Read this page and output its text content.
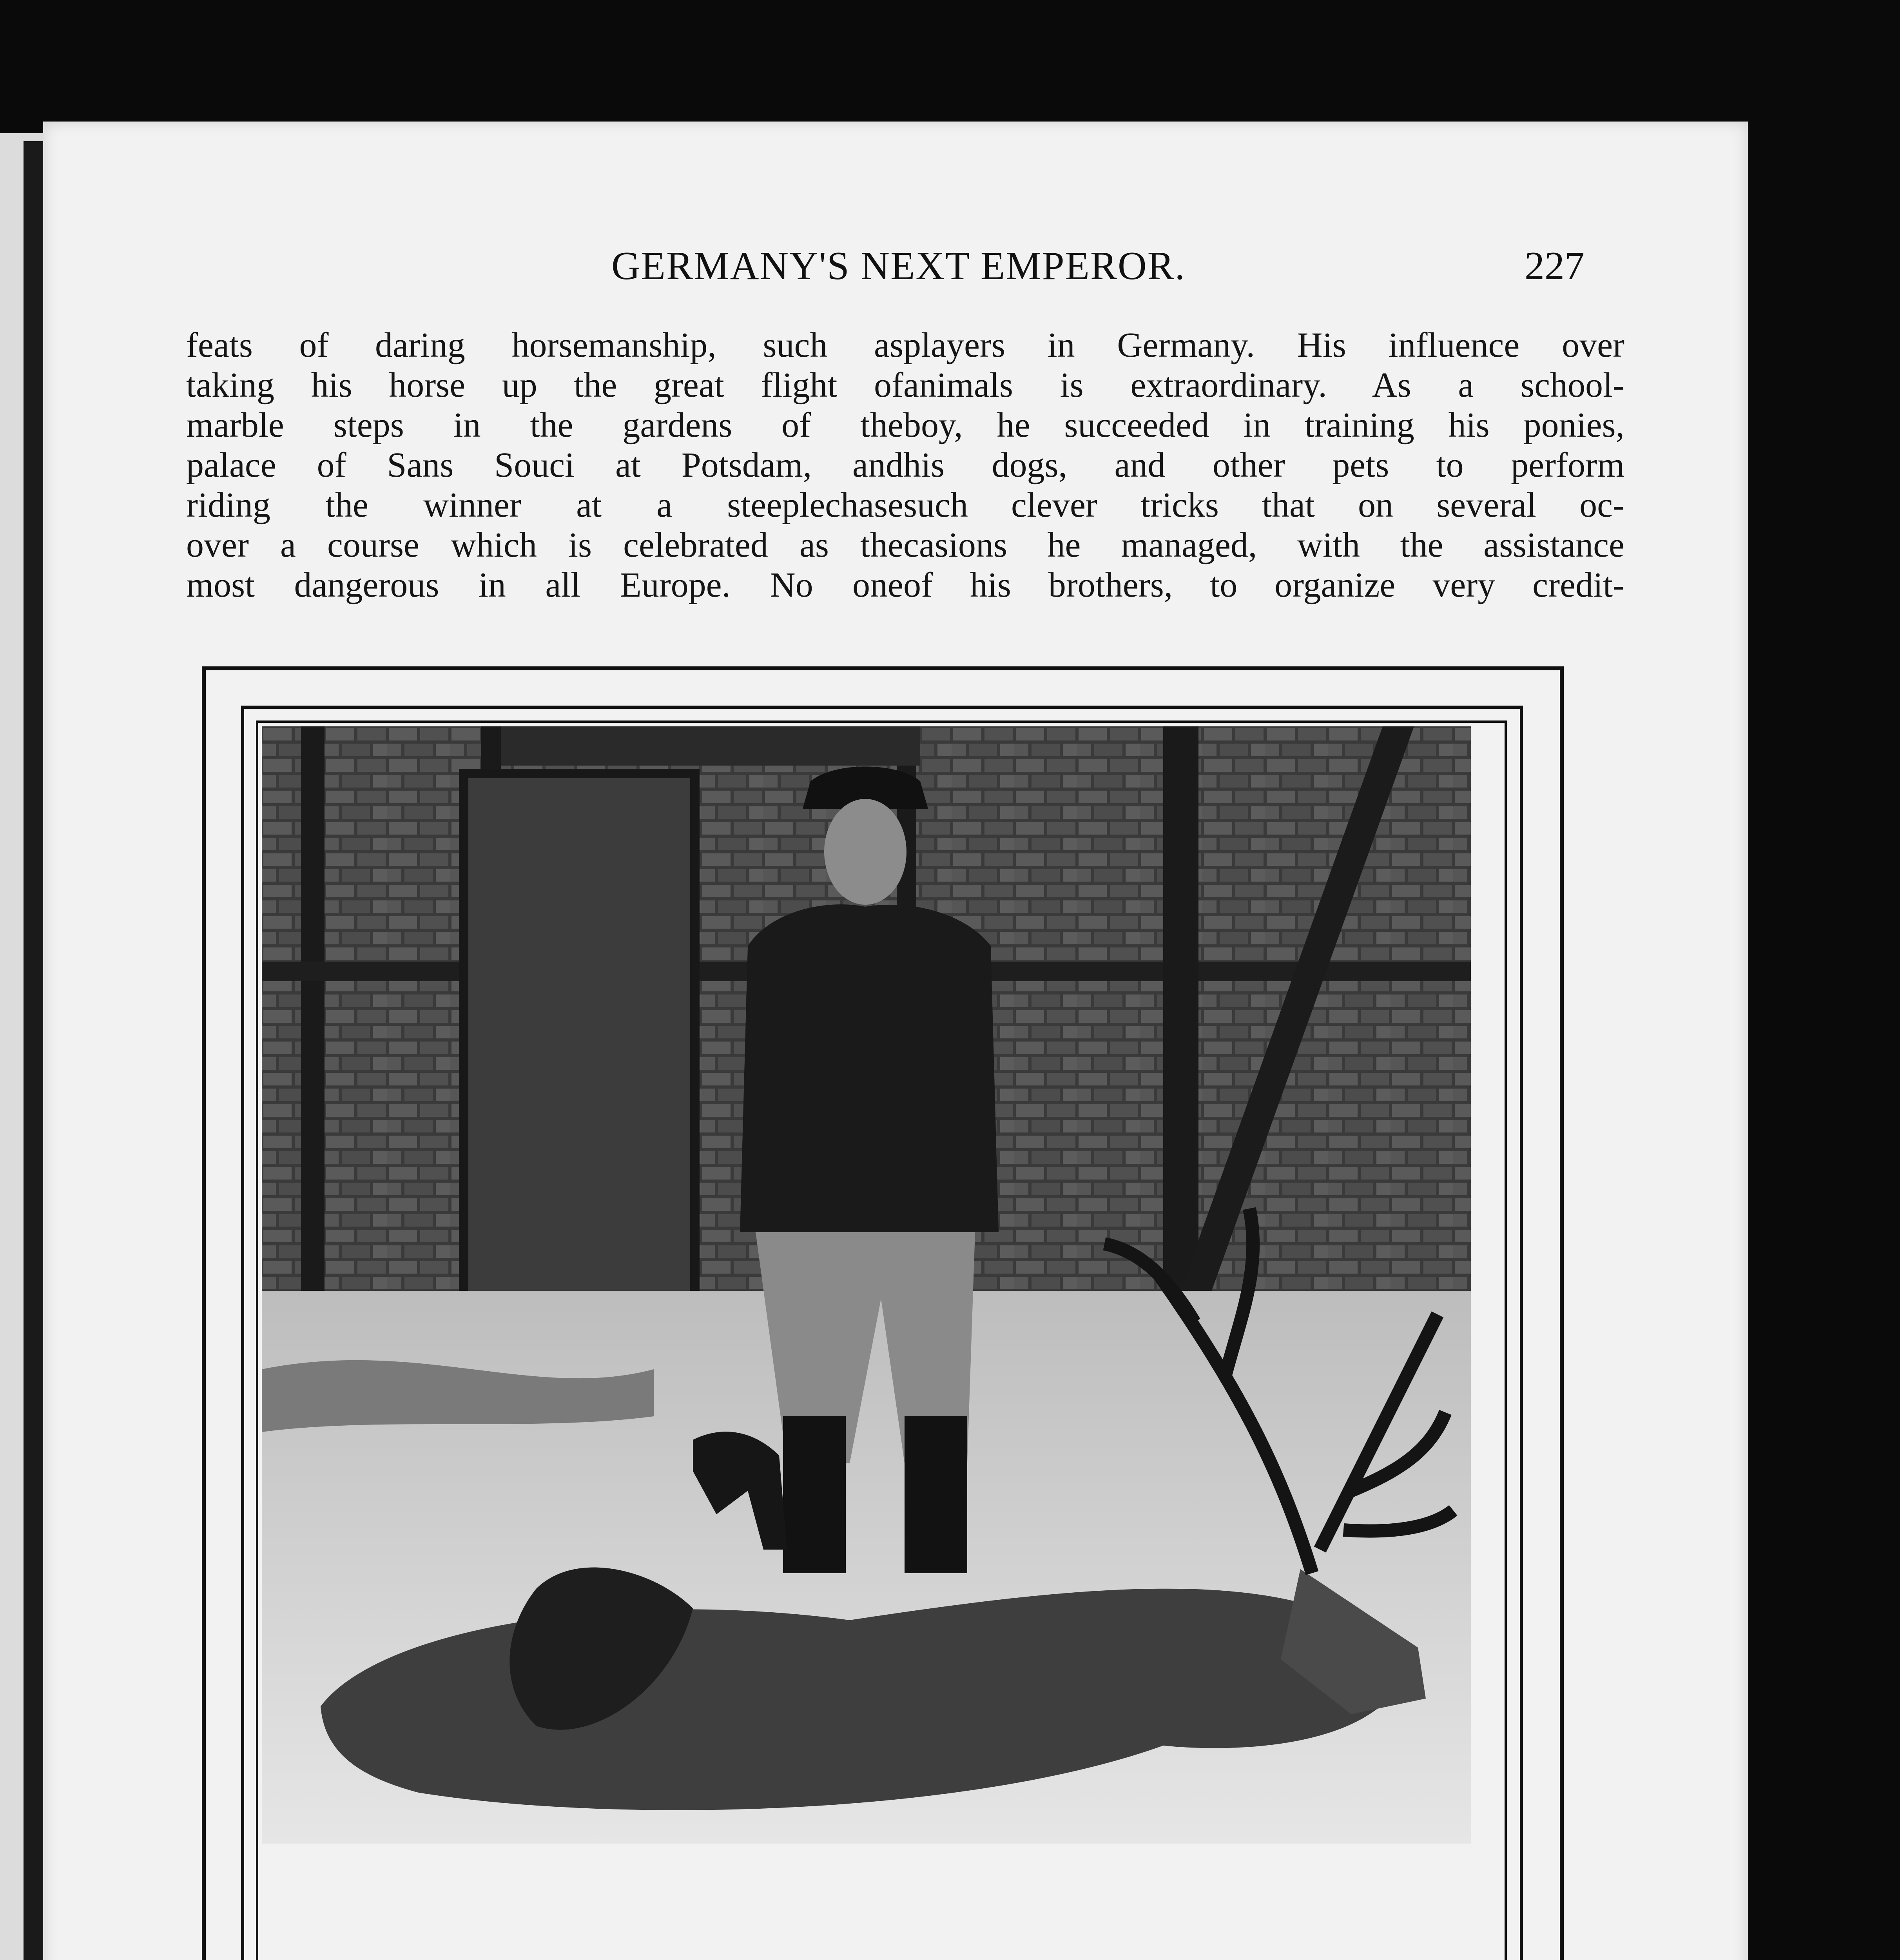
GERMANY'S NEXT EMPEROR.	227
feats of daring horsemanship, such as
taking his horse up the great flight of
marble steps in the gardens of the
palace of Sans Souci at Potsdam, and
riding the winner at a steeplechase
over a course which is celebrated as the
most dangerous in all Europe. No one
players in Germany. His influence over
animals is extraordinary. As a school-
boy, he succeeded in training his ponies,
his dogs, and other pets to perform
such clever tricks that on several oc-
casions he managed, with the assistance
of his brothers, to organize very credit-
